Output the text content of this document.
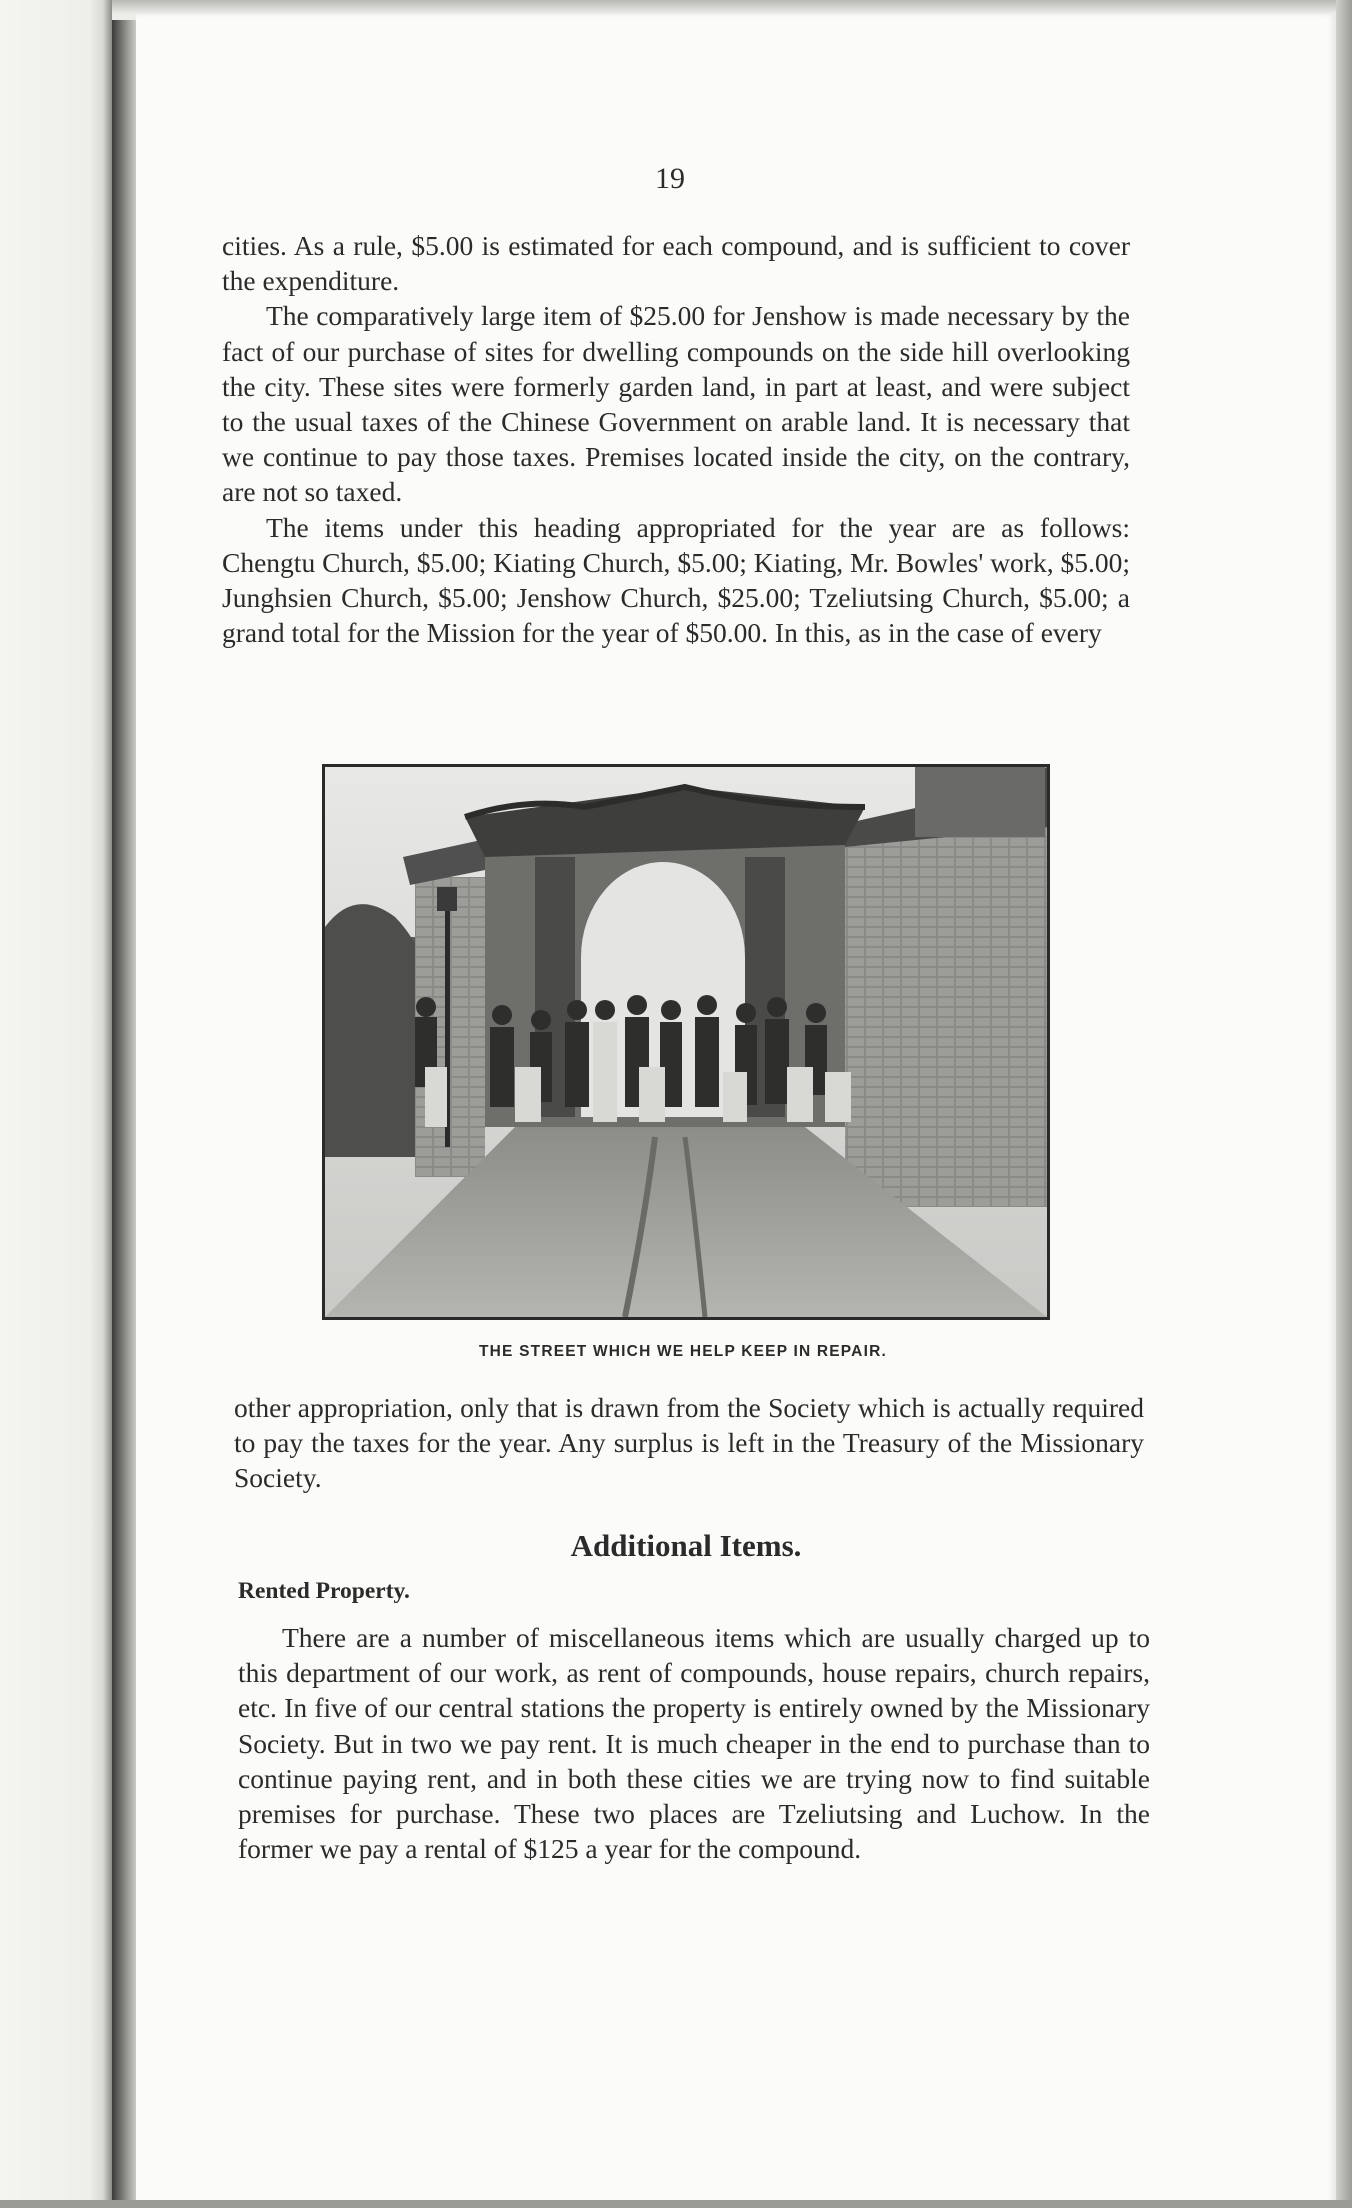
19

cities. As a rule, $5.00 is estimated for each compound, and is sufficient to cover the expenditure.

The comparatively large item of $25.00 for Jenshow is made necessary by the fact of our purchase of sites for dwelling compounds on the side hill overlooking the city. These sites were formerly garden land, in part at least, and were subject to the usual taxes of the Chinese Government on arable land. It is necessary that we continue to pay those taxes. Premises located inside the city, on the contrary, are not so taxed.

The items under this heading appropriated for the year are as follows: Chengtu Church, $5.00; Kiating Church, $5.00; Kiating, Mr. Bowles' work, $5.00; Junghsien Church, $5.00; Jenshow Church, $25.00; Tzeliutsing Church, $5.00; a grand total for the Mission for the year of $50.00. In this, as in the case of every

THE STREET WHICH WE HELP KEEP IN REPAIR.

other appropriation, only that is drawn from the Society which is actually required to pay the taxes for the year. Any surplus is left in the Treasury of the Missionary Society.

Additional Items.
Rented Property.

There are a number of miscellaneous items which are usually charged up to this department of our work, as rent of compounds, house repairs, church repairs, etc. In five of our central stations the property is entirely owned by the Missionary Society. But in two we pay rent. It is much cheaper in the end to purchase than to continue paying rent, and in both these cities we are trying now to find suitable premises for purchase. These two places are Tzeliutsing and Luchow. In the former we pay a rental of $125 a year for the compound.
